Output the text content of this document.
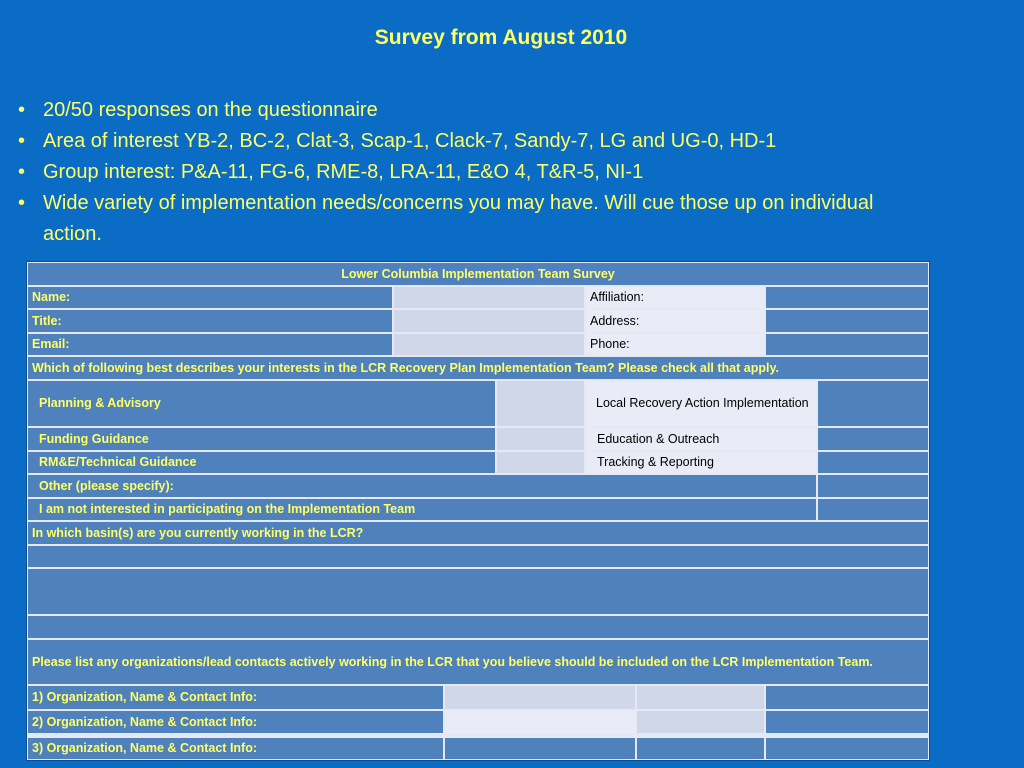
Survey from August 2010
• 20/50 responses on the questionnaire
• Area of interest YB-2, BC-2, Clat-3, Scap-1, Clack-7, Sandy-7, LG and UG-0, HD-1
• Group interest: P&A-11, FG-6, RME-8, LRA-11, E&O 4, T&R-5, NI-1
• Wide variety of implementation needs/concerns you may have. Will cue those up on individual action.
Lower Columbia Implementation Team Survey
Name:	Affiliation:
Title:	Address:
Email:	Phone:
Which of following best describes your interests in the LCR Recovery Plan Implementation Team? Please check all that apply.
Planning & Advisory	Local Recovery Action Implementation
Funding Guidance	Education & Outreach
RM&E/Technical Guidance	Tracking & Reporting
Other (please specify):
I am not interested in participating on the Implementation Team
In which basin(s) are you currently working in the LCR?
Please list any organizations/lead contacts actively working in the LCR that you believe should be included on the LCR Implementation Team.
1) Organization, Name & Contact Info:
2) Organization, Name & Contact Info:
3) Organization, Name & Contact Info:
